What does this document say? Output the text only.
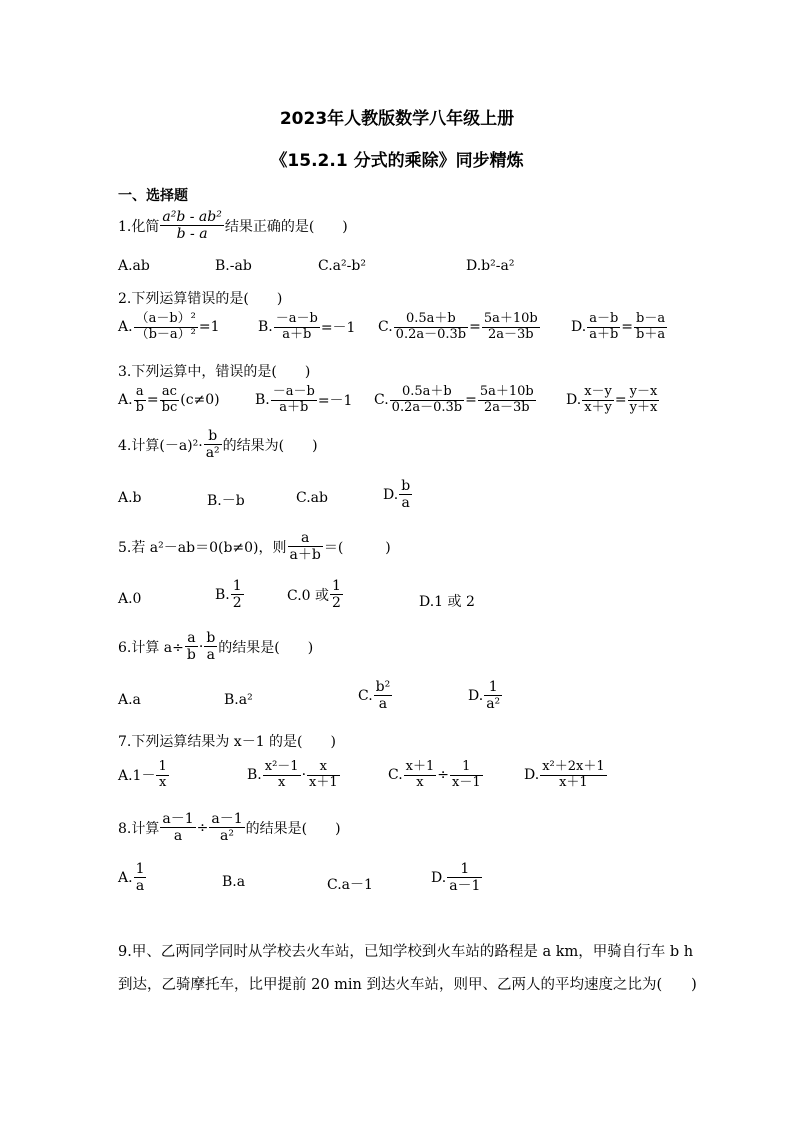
2023年人教版数学八年级上册
《15.2.1 分式的乘除》同步精炼
一、选择题
1.化简 $\frac{\text{a²b - ab²}}{b - a}$ 结果正确的是(　　)
A.ab	B.-ab	C.a²-b²	D.b²-a²
2.下列运算错误的是(　　)
A. $\frac{\text{（a－b）²}}{\text{（b－a）²}} =1$	B. $\frac{-a-b}{a+b} =-1$ C. $\frac{0.5a+b}{0.2a-0.3b} = \frac{5a+10b}{2a-3b} D$. $\frac{a-b}{a+b} = \frac{b-a}{b+a}$
3.下列运算中，错误的是(　　)
A. $\frac{a}{b} = \frac{ac}{bc} (c\ne 0)$	B. $\frac{-a-b}{a+b} =-1$ C. $\frac{0.5a+b}{0.2a-0.3b} = \frac{5a+10b}{2a-3b} D$. $\frac{x-y}{x+y} = \frac{y-x}{y+x}$
4.计算$(-a)^2\cdot \frac{b}{\text{a²}}$ 的结果为(　　)
A.b	B.－b	C.ab	D. $\frac{b}{a}$
5.若 a²－ab＝0(b≠0)，则 $\frac{a}{a+b}$ ＝(　　　)
A.0	B. $\frac{1}{2}$	C.0 或 $\frac{1}{2}$	D.1 或 2
6.计算 $a\div \frac{a}{b} \cdot \frac{b}{a}$ 的结果是(　　)
A.a	B.a²	C. $\frac{\text{b²}}{a}$	D. $\frac{1}{\text{a²}}$
7.下列运算结果为 x－1 的是(　　)
$A.1- \frac{1}{x}$	B. $\frac{\text{x²－1}}{x} \cdot \frac{x}{x+1}$	C. $\frac{x+1}{x} \div \frac{1}{x-1}$	D. $\frac{\text{x²＋2x＋1}}{x+1}$
8.计算 $\frac{a-1}{a} \div \frac{a-1}{\text{a²}}$ 的结果是(　　)
A. $\frac{1}{a}$	B.a	C.a－1	D. $\frac{1}{a-1}$
9.甲、乙两同学同时从学校去火车站，已知学校到火车站的路程是 a km，甲骑自行车 b h 到达，乙骑摩托车，比甲提前 20 min 到达火车站，则甲、乙两人的平均速度之比为(　　)
